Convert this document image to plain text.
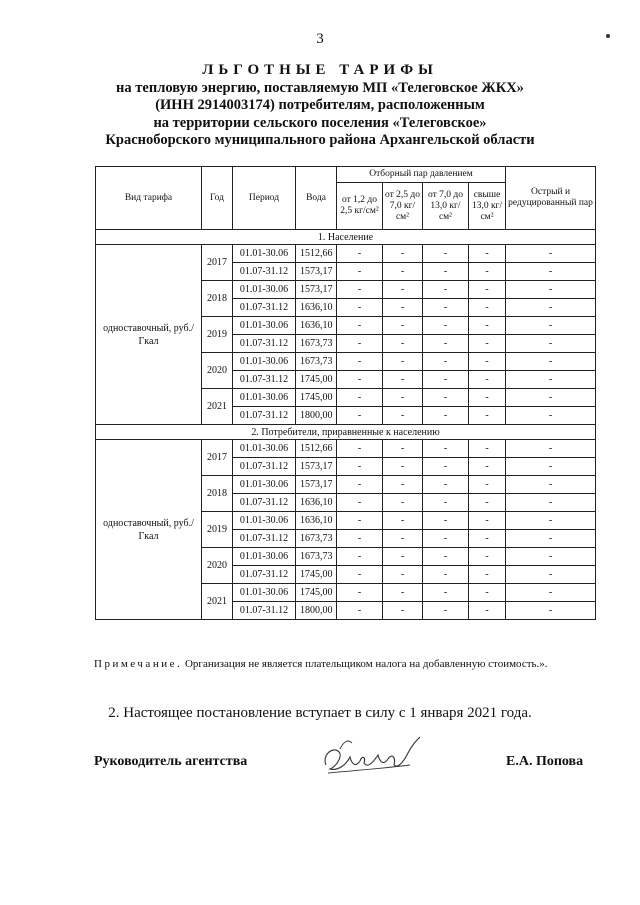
3
ЛЬГОТНЫЕ ТАРИФЫ
на тепловую энергию, поставляемую МП «Телеговское ЖКХ»
(ИНН 2914003174) потребителям, расположенным
на территории сельского поселения «Телеговское»
Красноборского муниципального района Архангельской области
Вид тарифа	Год	Период	Вода	Отборный пар давлением				Острый и редуцированный пар
				от 1,2 до 2,5 кг/см²	от 2,5 до 7,0 кг/см²	от 7,0 до 13,0 кг/см²	свыше 13,0 кг/см²	
1. Население								
одноставочный, руб./Гкал	2017	01.01-30.06	1512,66	-	-	-	-	-
		01.07-31.12	1573,17	-	-	-	-	-
	2018	01.01-30.06	1573,17	-	-	-	-	-
		01.07-31.12	1636,10	-	-	-	-	-
	2019	01.01-30.06	1636,10	-	-	-	-	-
		01.07-31.12	1673,73	-	-	-	-	-
	2020	01.01-30.06	1673,73	-	-	-	-	-
		01.07-31.12	1745,00	-	-	-	-	-
	2021	01.01-30.06	1745,00	-	-	-	-	-
		01.07-31.12	1800,00	-	-	-	-	-
2. Потребители, приравненные к населению								
одноставочный, руб./Гкал	2017	01.01-30.06	1512,66	-	-	-	-	-
		01.07-31.12	1573,17	-	-	-	-	-
	2018	01.01-30.06	1573,17	-	-	-	-	-
		01.07-31.12	1636,10	-	-	-	-	-
	2019	01.01-30.06	1636,10	-	-	-	-	-
		01.07-31.12	1673,73	-	-	-	-	-
	2020	01.01-30.06	1673,73	-	-	-	-	-
		01.07-31.12	1745,00	-	-	-	-	-
	2021	01.01-30.06	1745,00	-	-	-	-	-
		01.07-31.12	1800,00	-	-	-	-	-
Примечание. Организация не является плательщиком налога на добавленную стоимость.».
2. Настоящее постановление вступает в силу с 1 января 2021 года.
Руководитель агентства	Е.А. Попова
